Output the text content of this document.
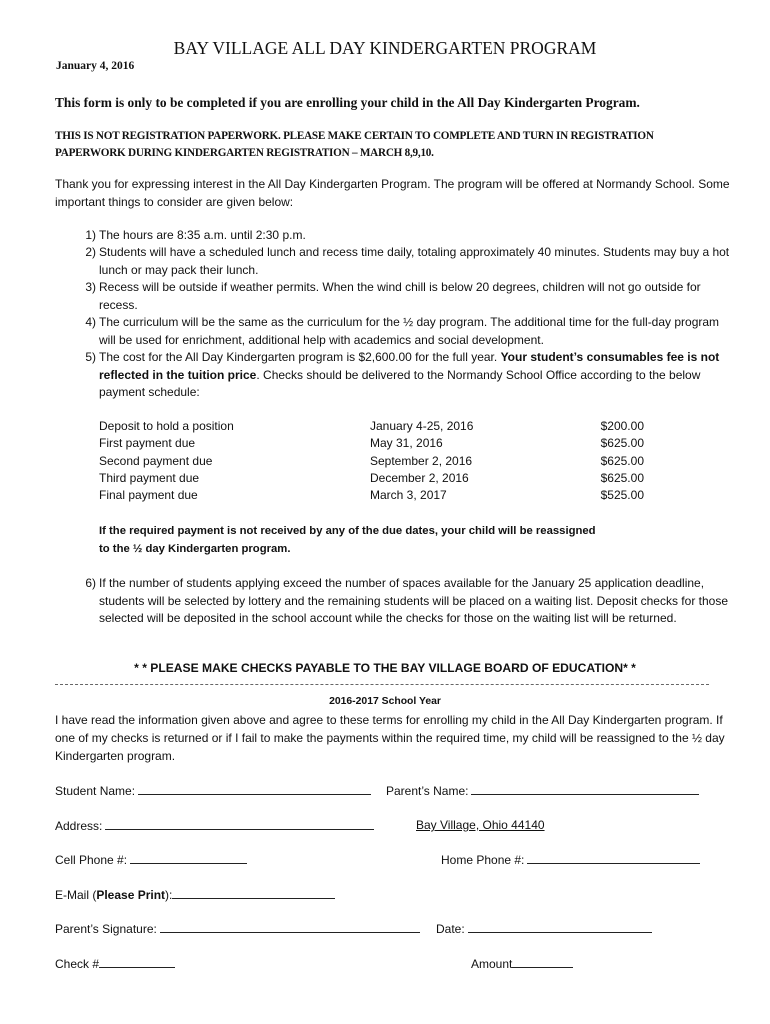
BAY VILLAGE ALL DAY KINDERGARTEN PROGRAM
January 4, 2016
This form is only to be completed if you are enrolling your child in the All Day Kindergarten Program.
THIS IS NOT REGISTRATION PAPERWORK. PLEASE MAKE CERTAIN TO COMPLETE AND TURN IN REGISTRATION
PAPERWORK DURING KINDERGARTEN REGISTRATION – MARCH 8,9,10.
Thank you for expressing interest in the All Day Kindergarten Program. The program will be offered at Normandy School. Some important things to consider are given below:
1) The hours are 8:35 a.m. until 2:30 p.m.
2) Students will have a scheduled lunch and recess time daily, totaling approximately 40 minutes. Students may buy a hot lunch or may pack their lunch.
3) Recess will be outside if weather permits. When the wind chill is below 20 degrees, children will not go outside for recess.
4) The curriculum will be the same as the curriculum for the ½ day program. The additional time for the full-day program will be used for enrichment, additional help with academics and social development.
5) The cost for the All Day Kindergarten program is $2,600.00 for the full year. Your student’s consumables fee is not reflected in the tuition price. Checks should be delivered to the Normandy School Office according to the below payment schedule:
Deposit to hold a position	January 4-25, 2016	$200.00
First payment due	May 31, 2016	$625.00
Second payment due	September 2, 2016	$625.00
Third payment due	December 2, 2016	$625.00
Final payment due	March 3, 2017	$525.00
If the required payment is not received by any of the due dates, your child will be reassigned
to the ½ day Kindergarten program.
6) If the number of students applying exceed the number of spaces available for the January 25 application deadline, students will be selected by lottery and the remaining students will be placed on a waiting list. Deposit checks for those selected will be deposited in the school account while the checks for those on the waiting list will be returned.
* * PLEASE MAKE CHECKS PAYABLE TO THE BAY VILLAGE BOARD OF EDUCATION* *
2016-2017 School Year
I have read the information given above and agree to these terms for enrolling my child in the All Day Kindergarten program. If one of my checks is returned or if I fail to make the payments within the required time, my child will be reassigned to the ½ day Kindergarten program.
Student Name:	Parent’s Name:
Address:	Bay Village, Ohio 44140
Cell Phone #:	Home Phone #:
E-Mail (Please Print):
Parent’s Signature:	Date:
Check #	Amount
